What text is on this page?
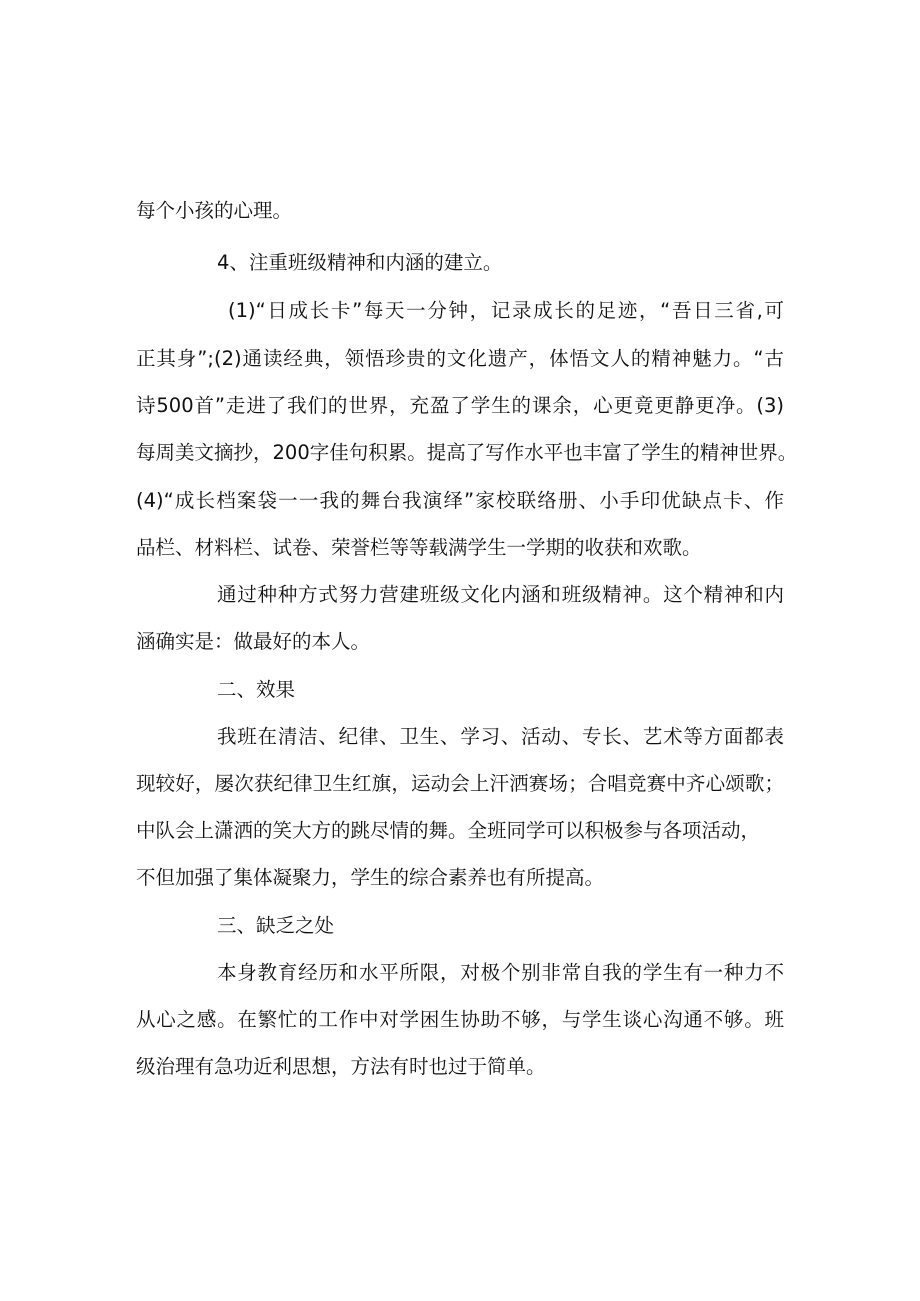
每个小孩的心理。
4、注重班级精神和内涵的建立。
(1)“日成长卡”每天一分钟，记录成长的足迹，“吾日三省,可
正其身”;(2)通读经典，领悟珍贵的文化遗产，体悟文人的精神魅力。“古
诗500首”走进了我们的世界，充盈了学生的课余，心更竟更静更净。(3)
每周美文摘抄，200字佳句积累。提高了写作水平也丰富了学生的精神世界。
(4)“成长档案袋一一我的舞台我演绎”家校联络册、小手印优缺点卡、作
品栏、材料栏、试卷、荣誉栏等等载满学生一学期的收获和欢歌。
通过种种方式努力营建班级文化内涵和班级精神。这个精神和内
涵确实是：做最好的本人。
二、效果
我班在清洁、纪律、卫生、学习、活动、专长、艺术等方面都表
现较好，屡次获纪律卫生红旗，运动会上汗洒赛场；合唱竞赛中齐心颂歌；
中队会上潇洒的笑大方的跳尽情的舞。全班同学可以积极参与各项活动，
不但加强了集体凝聚力，学生的综合素养也有所提高。
三、缺乏之处
本身教育经历和水平所限，对极个别非常自我的学生有一种力不
从心之感。在繁忙的工作中对学困生协助不够，与学生谈心沟通不够。班
级治理有急功近利思想，方法有时也过于简单。
